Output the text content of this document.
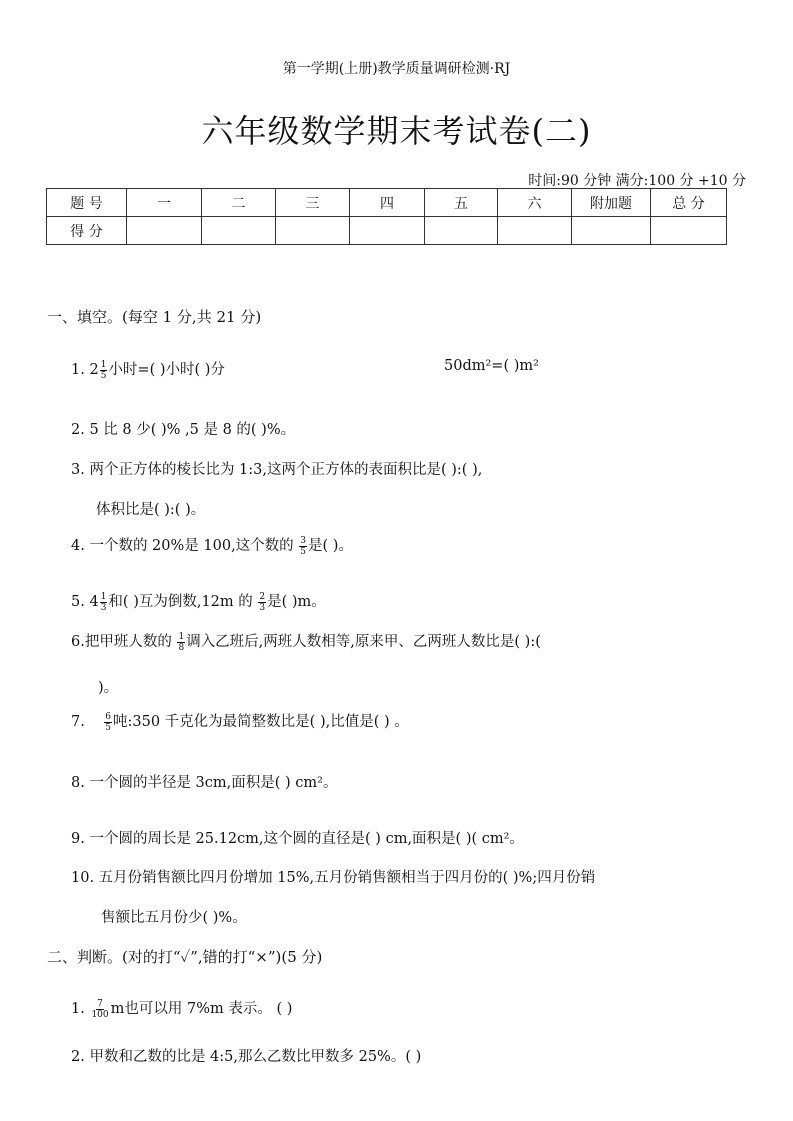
第一学期(上册)教学质量调研检测·RJ
六年级数学期末考试卷(二)
时间:90 分钟 满分:100 分 +10 分
题 号	一	二	三	四	五	六	附加题	总 分
得 分								
一、填空。(每空 1 分,共 21 分)
1. $2 \frac{1}{5}$ 小时=( )小时( )分	50dm²=( )m²
2. 5 比 8 少( )% ,5 是 8 的( )%。
3. 两个正方体的棱长比为 1:3,这两个正方体的表面积比是( ):( ),
体积比是( ):( )。
4. 一个数的 20%是 100,这个数的 $\frac{3}{5}$ 是( )。
5. $4 \frac{1}{3}$ 和( )互为倒数,12m 的 $\frac{2}{3}$ 是( )m。
6.把甲班人数的 $\frac{1}{8}$ 调入乙班后,两班人数相等,原来甲、乙两班人数比是( ):(
)。
7. $\frac{6}{5}$ 吨:350 千克化为最简整数比是( ),比值是( ) 。
8. 一个圆的半径是 3cm,面积是( ) cm²。
9. 一个圆的周长是 25.12cm,这个圆的直径是( ) cm,面积是( )( cm²。
10. 五月份销售额比四月份增加 15%,五月份销售额相当于四月份的( )%;四月份销
售额比五月份少( )%。
二、判断。(对的打“✓”,错的打“×”)(5 分)
1. $\frac{7}{100}$ m也可以用 7%m 表示。 ( )
2. 甲数和乙数的比是 4:5,那么乙数比甲数多 25%。( )
